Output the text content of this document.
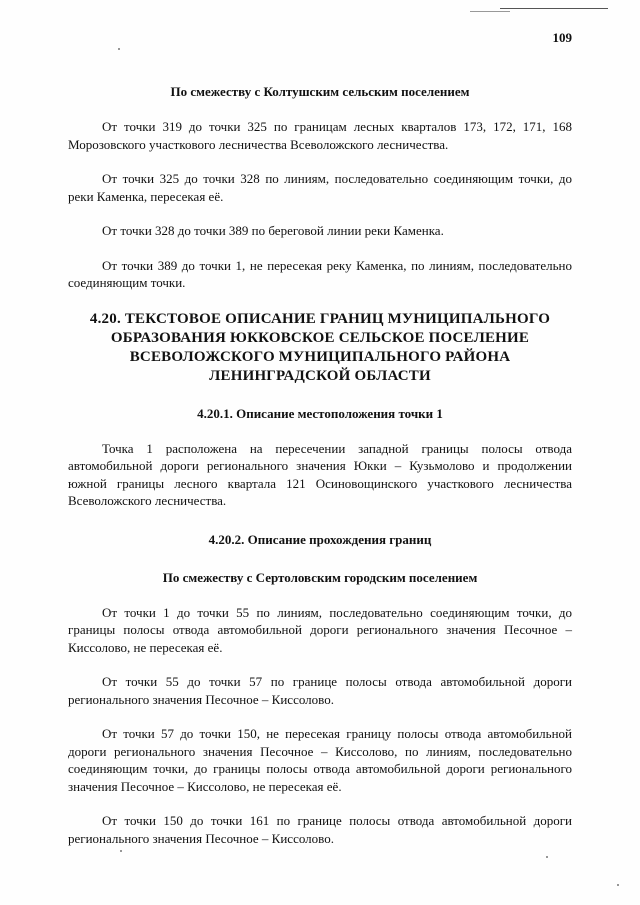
109
По смежеству с Колтушским сельским поселением

От точки 319 до точки 325 по границам лесных кварталов 173, 172, 171, 168 Морозовского участкового лесничества Всеволожского лесничества.

От точки 325 до точки 328 по линиям, последовательно соединяющим точки, до реки Каменка, пересекая её.

От точки 328 до точки 389 по береговой линии реки Каменка.

От точки 389 до точки 1, не пересекая реку Каменка, по линиям, последовательно соединяющим точки.

4.20. ТЕКСТОВОЕ ОПИСАНИЕ ГРАНИЦ МУНИЦИПАЛЬНОГО
ОБРАЗОВАНИЯ ЮККОВСКОЕ СЕЛЬСКОЕ ПОСЕЛЕНИЕ
ВСЕВОЛОЖСКОГО МУНИЦИПАЛЬНОГО РАЙОНА
ЛЕНИНГРАДСКОЙ ОБЛАСТИ
4.20.1. Описание местоположения точки 1

Точка 1 расположена на пересечении западной границы полосы отвода автомобильной дороги регионального значения Юкки – Кузьмолово и продолжении южной границы лесного квартала 121 Осиновощинского участкового лесничества Всеволожского лесничества.

4.20.2. Описание прохождения границ
По смежеству с Сертоловским городским поселением

От точки 1 до точки 55 по линиям, последовательно соединяющим точки, до границы полосы отвода автомобильной дороги регионального значения Песочное – Киссолово, не пересекая её.

От точки 55 до точки 57 по границе полосы отвода автомобильной дороги регионального значения Песочное – Киссолово.

От точки 57 до точки 150, не пересекая границу полосы отвода автомобильной дороги регионального значения Песочное – Киссолово, по линиям, последовательно соединяющим точки, до границы полосы отвода автомобильной дороги регионального значения Песочное – Киссолово, не пересекая её.

От точки 150 до точки 161 по границе полосы отвода автомобильной дороги регионального значения Песочное – Киссолово.
